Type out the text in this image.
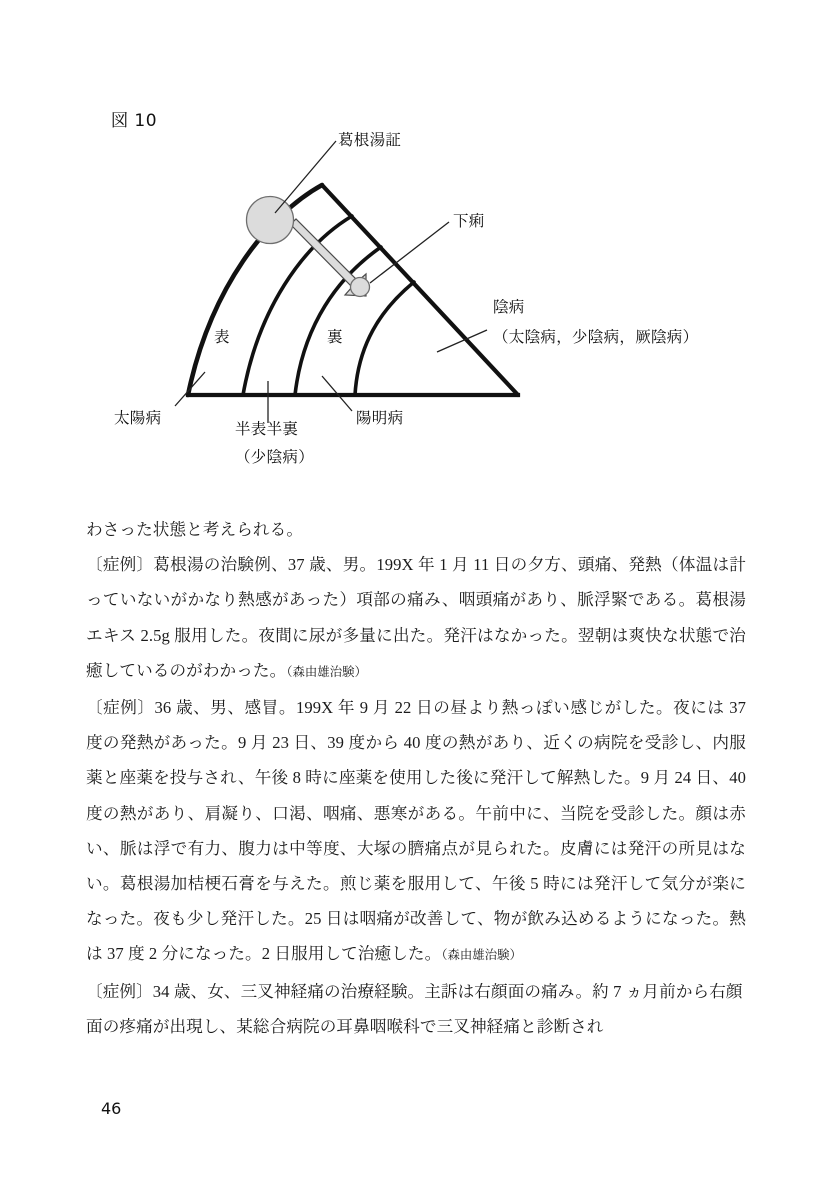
図 10
葛根湯証
下痢
表	裏
陰病
（太陰病，少陰病，厥陰病）
太陽病
半表半裏
（少陰病）
陽明病

わさった状態と考えられる。

〔症例〕葛根湯の治験例、37 歳、男。199X 年 1 月 11 日の夕方、頭痛、発熱（体温は計っていないがかなり熱感があった）項部の痛み、咽頭痛があり、脈浮緊である。葛根湯エキス 2.5g 服用した。夜間に尿が多量に出た。発汗はなかった。翌朝は爽快な状態で治癒しているのがわかった。（森由雄治験）

〔症例〕36 歳、男、感冒。199X 年 9 月 22 日の昼より熱っぽい感じがした。夜には 37 度の発熱があった。9 月 23 日、39 度から 40 度の熱があり、近くの病院を受診し、内服薬と座薬を投与され、午後 8 時に座薬を使用した後に発汗して解熱した。9 月 24 日、40 度の熱があり、肩凝り、口渇、咽痛、悪寒がある。午前中に、当院を受診した。顔は赤い、脈は浮で有力、腹力は中等度、大塚の臍痛点が見られた。皮膚には発汗の所見はない。葛根湯加桔梗石膏を与えた。煎じ薬を服用して、午後 5 時には発汗して気分が楽になった。夜も少し発汗した。25 日は咽痛が改善して、物が飲み込めるようになった。熱は 37 度 2 分になった。2 日服用して治癒した。（森由雄治験）

〔症例〕34 歳、女、三叉神経痛の治療経験。主訴は右顔面の痛み。約 7 ヵ月前から右顔面の疼痛が出現し、某総合病院の耳鼻咽喉科で三叉神経痛と診断され

46
